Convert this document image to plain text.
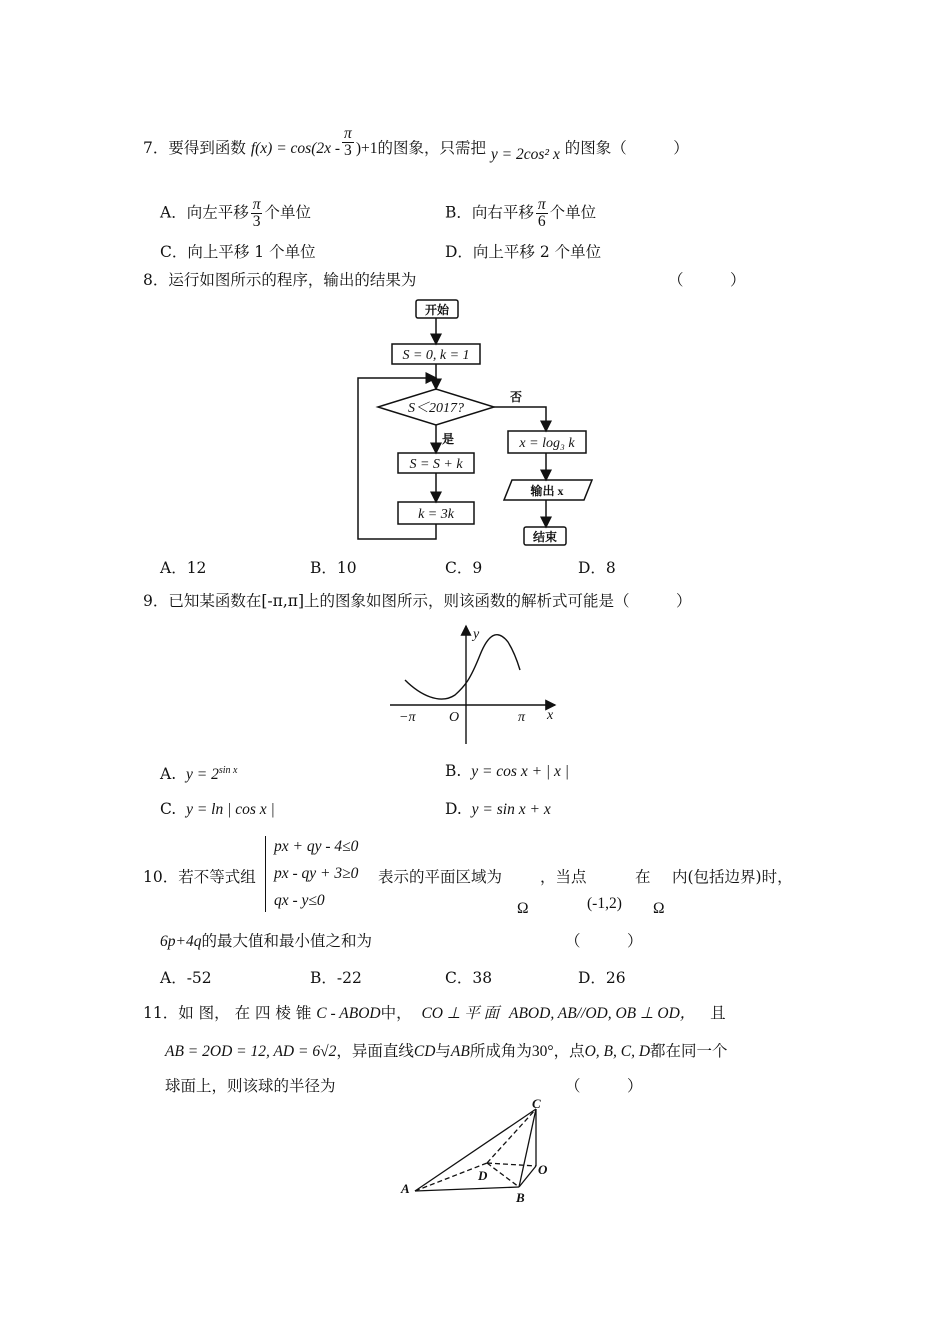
7．要得到函数 $f(x) = \cos(2x - \frac{\pi}{3} )+1$的图象，只需把 y = 2cos² x 的图象（　　　）
A．向左平移 $\frac{\pi}{3}$ 个单位	B．向右平移 $\frac{\pi}{6}$ 个单位
C．向上平移 1 个单位	D．向上平移 2 个单位
8．运行如图所示的程序，输出的结果为	（　　　）
开始
S = 0, k = 1
S＜2017?
否
是
S = S + k
k = 3k
x = log₃ k
输出 x
结束
A．12	B．10	C．9	D．8
9．已知某函数在[-π,π]上的图象如图所示，则该函数的解析式可能是（　　　）
y
x
−π O	π
A. $y = 2^{sin x}$	B. y = cos x + | x |
C. y = ln | cos x |	D. y = sin x + x
10．若不等式组
px + qy - 4≤0
px - qy + 3≥0
qx - y≤0
表示的平面区域为 ，当点	在 内(包括边界)时，
Ω	(-1,2) Ω
6p+4q的最大值和最小值之和为	（　　　）
A．-52	B．-22	C．38	D．26
11．如 图， 在 四 棱 锥 C - ABOD中， CO ⊥ 平 面 ABOD, AB//OD, OB ⊥ OD， 且
AB = 2OD = 12, AD = 6√2，异面直线CD与AB所成角为30°，点O, B, C, D都在同一个
球面上，则该球的半径为	（　　　）
A
B
C
D	O
